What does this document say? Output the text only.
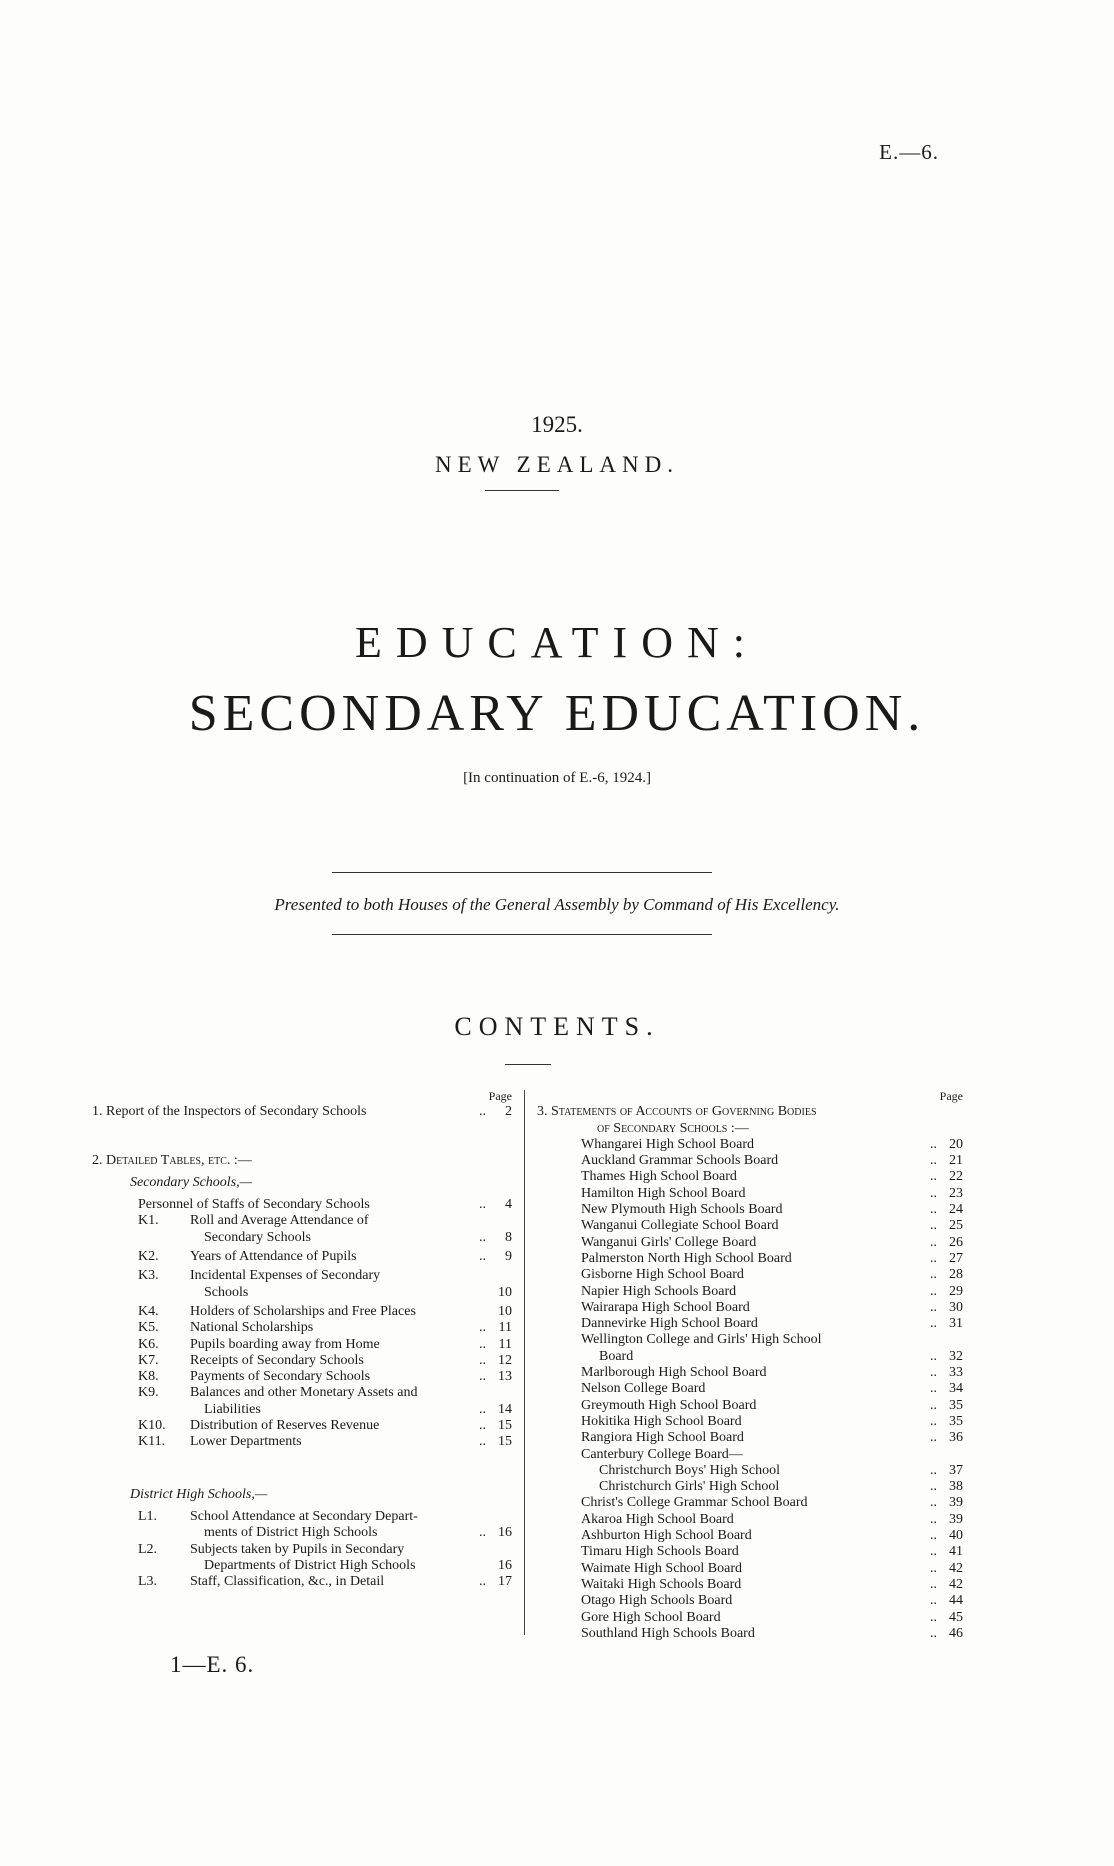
E.—6.
1925.
NEW ZEALAND.
EDUCATION:
SECONDARY EDUCATION.
[In continuation of E.-6, 1924.]
Presented to both Houses of the General Assembly by Command of His Excellency.
CONTENTS.
Page
1. Report of the Inspectors of Secondary Schools	..	2
2. Detailed Tables, etc. :—
Secondary Schools,—
Personnel of Staffs of Secondary Schools	..	4
K1.	Roll and Average Attendance of
Secondary Schools	..	8
K2.	Years of Attendance of Pupils	..	9
K3.	Incidental Expenses of Secondary
Schools	10
K4.	Holders of Scholarships and Free Places	10
K5.	National Scholarships	.. 11
K6.	Pupils boarding away from Home	.. 11
K7.	Receipts of Secondary Schools	.. 12
K8.	Payments of Secondary Schools	.. 13
K9.	Balances and other Monetary Assets and
Liabilities	.. 14
K10.	Distribution of Reserves Revenue	.. 15
K11.	Lower Departments	.. 15
District High Schools,—
L1.	School Attendance at Secondary Depart-
ments of District High Schools	.. 16
L2.	Subjects taken by Pupils in Secondary
Departments of District High Schools	16
L3.	Staff, Classification, &c., in Detail	.. 17
Page
3. Statements of Accounts of Governing Bodies
of Secondary Schools :—
Whangarei High School Board	.. 20
Auckland Grammar Schools Board	.. 21
Thames High School Board	.. 22
Hamilton High School Board	.. 23
New Plymouth High Schools Board	.. 24
Wanganui Collegiate School Board	.. 25
Wanganui Girls' College Board	.. 26
Palmerston North High School Board	.. 27
Gisborne High School Board	.. 28
Napier High Schools Board	.. 29
Wairarapa High School Board	.. 30
Dannevirke High School Board	.. 31
Wellington College and Girls' High School
Board	.. 32
Marlborough High School Board	.. 33
Nelson College Board	.. 34
Greymouth High School Board	.. 35
Hokitika High School Board	.. 35
Rangiora High School Board	.. 36
Canterbury College Board—
Christchurch Boys' High School	.. 37
Christchurch Girls' High School	.. 38
Christ's College Grammar School Board	.. 39
Akaroa High School Board	.. 39
Ashburton High School Board	.. 40
Timaru High Schools Board	.. 41
Waimate High School Board	.. 42
Waitaki High Schools Board	.. 42
Otago High Schools Board	.. 44
Gore High School Board	.. 45
Southland High Schools Board	.. 46
1—E. 6.
